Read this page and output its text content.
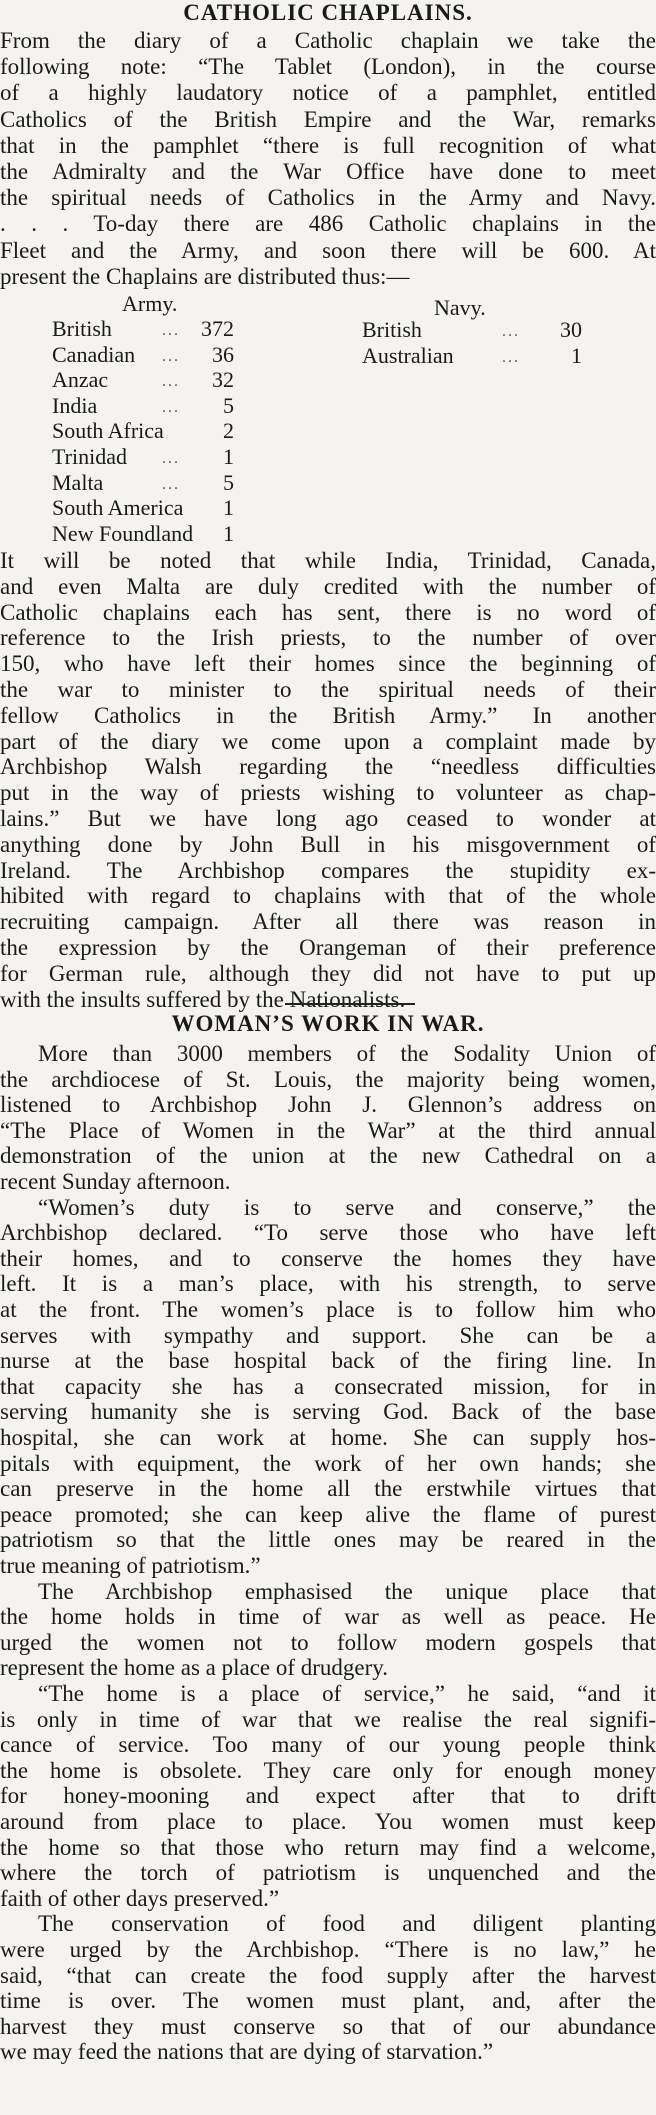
CATHOLIC CHAPLAINS.

From the diary of a Catholic chaplain we take the

following note: “The Tablet (London), in the course

of a highly laudatory notice of a pamphlet, entitled

Catholics of the British Empire and the War, remarks

that in the pamphlet “there is full recognition of what

the Admiralty and the War Office have done to meet

the spiritual needs of Catholics in the Army and Navy.

. . . To-day there are 486 Catholic chaplains in the

Fleet and the Army, and soon there will be 600. At

present the Chaplains are distributed thus:—

Army.
British	... 372
Canadian ...	36
Anzac	...	32
India	...	5
South Africa	2
Trinidad ...	1
Malta	...	5
South America	1
New Foundland	1
Navy.
British	...	30
Australian	...	1

It will be noted that while India, Trinidad, Canada,

and even Malta are duly credited with the number of

Catholic chaplains each has sent, there is no word of

reference to the Irish priests, to the number of over

150, who have left their homes since the beginning of

the war to minister to the spiritual needs of their

fellow Catholics in the British Army.” In another

part of the diary we come upon a complaint made by

Archbishop Walsh regarding the “needless difficulties

put in the way of priests wishing to volunteer as chap-

lains.” But we have long ago ceased to wonder at

anything done by John Bull in his misgovernment of

Ireland. The Archbishop compares the stupidity ex-

hibited with regard to chaplains with that of the whole

recruiting campaign. After all there was reason in

the expression by the Orangeman of their preference

for German rule, although they did not have to put up

with the insults suffered by the Nationalists.

WOMAN’S WORK IN WAR.

More than 3000 members of the Sodality Union of

the archdiocese of St. Louis, the majority being women,

listened to Archbishop John J. Glennon’s address on

“The Place of Women in the War” at the third annual

demonstration of the union at the new Cathedral on a

recent Sunday afternoon.

“Women’s duty is to serve and conserve,” the

Archbishop declared. “To serve those who have left

their homes, and to conserve the homes they have

left. It is a man’s place, with his strength, to serve

at the front. The women’s place is to follow him who

serves with sympathy and support. She can be a

nurse at the base hospital back of the firing line. In

that capacity she has a consecrated mission, for in

serving humanity she is serving God. Back of the base

hospital, she can work at home. She can supply hos-

pitals with equipment, the work of her own hands; she

can preserve in the home all the erstwhile virtues that

peace promoted; she can keep alive the flame of purest

patriotism so that the little ones may be reared in the

true meaning of patriotism.”

The Archbishop emphasised the unique place that

the home holds in time of war as well as peace. He

urged the women not to follow modern gospels that

represent the home as a place of drudgery.

“The home is a place of service,” he said, “and it

is only in time of war that we realise the real signifi-

cance of service. Too many of our young people think

the home is obsolete. They care only for enough money

for honey-mooning and expect after that to drift

around from place to place. You women must keep

the home so that those who return may find a welcome,

where the torch of patriotism is unquenched and the

faith of other days preserved.”

The conservation of food and diligent planting

were urged by the Archbishop. “There is no law,” he

said, “that can create the food supply after the harvest

time is over. The women must plant, and, after the

harvest they must conserve so that of our abundance

we may feed the nations that are dying of starvation.”
